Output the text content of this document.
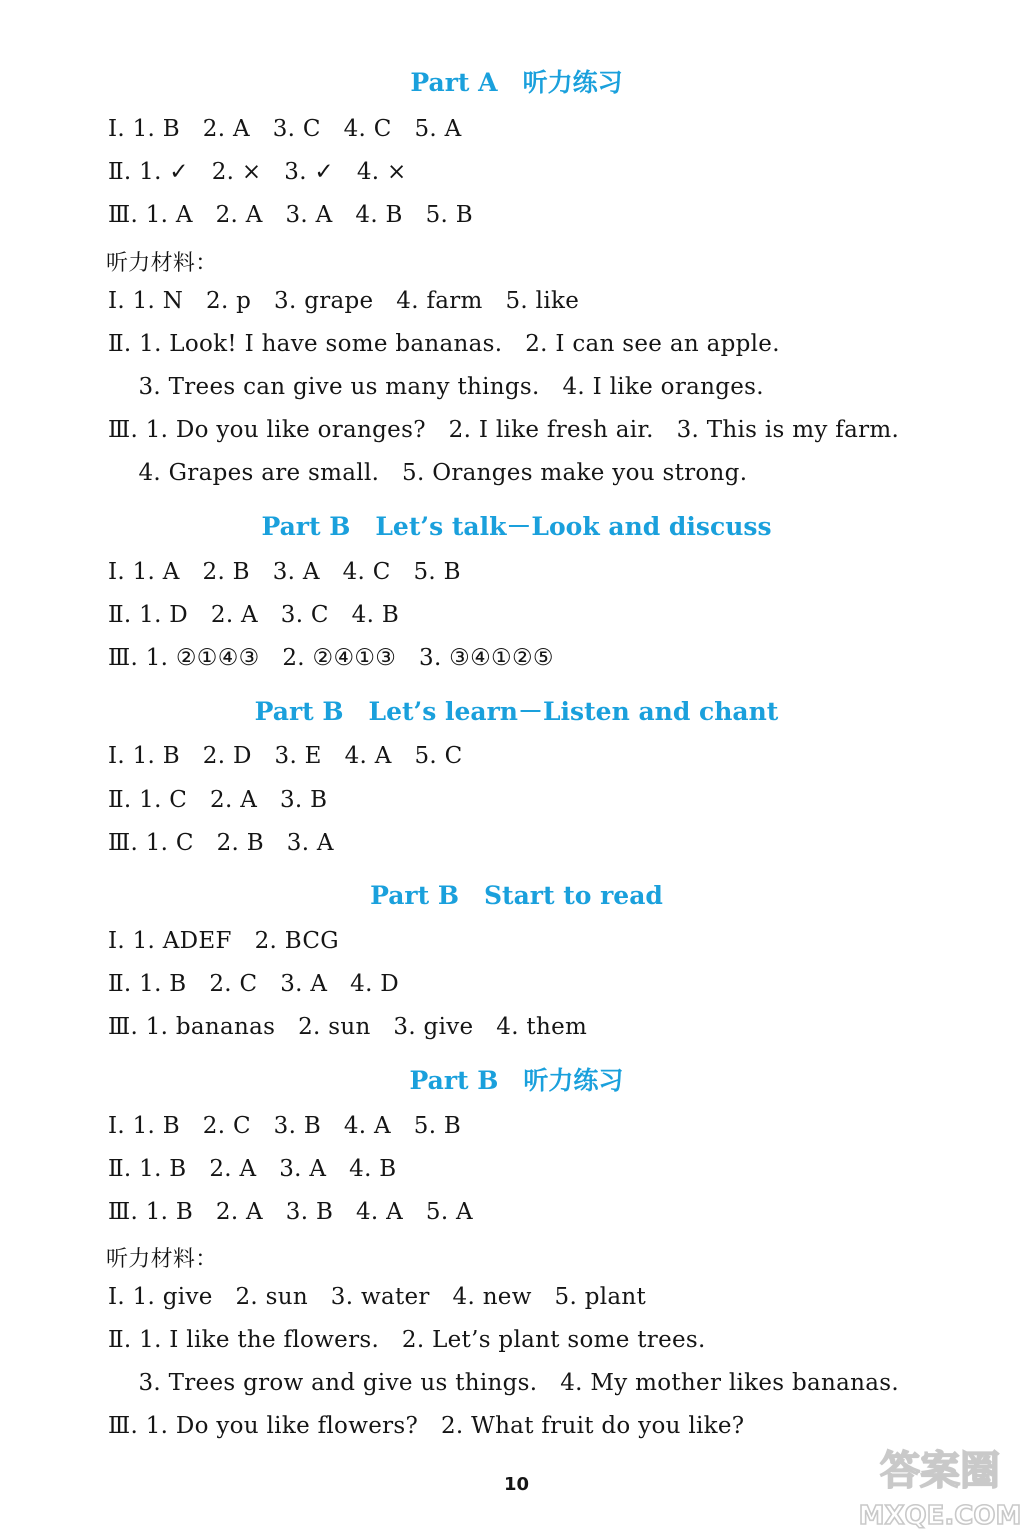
Part A　听力练习
Ⅰ. 1. B   2. A   3. C   4. C   5. A
Ⅱ. 1. ✓   2. ×   3. ✓   4. ×
Ⅲ. 1. A   2. A   3. A   4. B   5. B
听力材料：
Ⅰ. 1. N   2. p   3. grape   4. farm   5. like
Ⅱ. 1. Look! I have some bananas.   2. I can see an apple.
3. Trees can give us many things.   4. I like oranges.
Ⅲ. 1. Do you like oranges?   2. I like fresh air.   3. This is my farm.
4. Grapes are small.   5. Oranges make you strong.
Part B　Let’s talk－Look and discuss
Ⅰ. 1. A   2. B   3. A   4. C   5. B
Ⅱ. 1. D   2. A   3. C   4. B
Ⅲ. 1. ②①④③   2. ②④①③   3. ③④①②⑤
Part B　Let’s learn－Listen and chant
Ⅰ. 1. B   2. D   3. E   4. A   5. C
Ⅱ. 1. C   2. A   3. B
Ⅲ. 1. C   2. B   3. A
Part B　Start to read
Ⅰ. 1. ADEF   2. BCG
Ⅱ. 1. B   2. C   3. A   4. D
Ⅲ. 1. bananas   2. sun   3. give   4. them
Part B　听力练习
Ⅰ. 1. B   2. C   3. B   4. A   5. B
Ⅱ. 1. B   2. A   3. A   4. B
Ⅲ. 1. B   2. A   3. B   4. A   5. A
听力材料：
Ⅰ. 1. give   2. sun   3. water   4. new   5. plant
Ⅱ. 1. I like the flowers.   2. Let’s plant some trees.
3. Trees grow and give us things.   4. My mother likes bananas.
Ⅲ. 1. Do you like flowers?   2. What fruit do you like?
10	答案圈
MXQE.COM
